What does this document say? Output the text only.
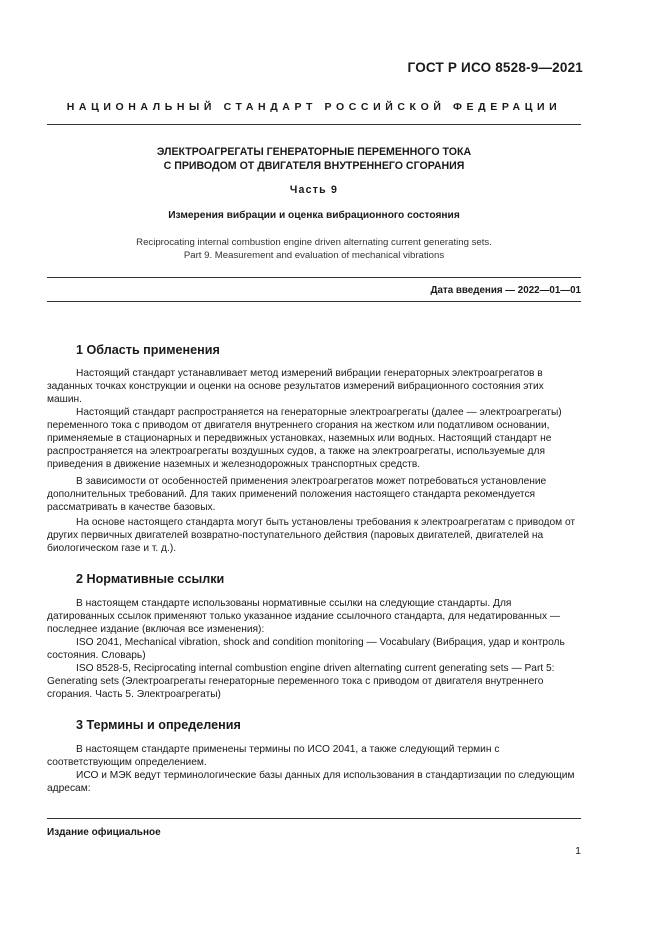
ГОСТ Р ИСО 8528-9—2021
НАЦИОНАЛЬНЫЙ СТАНДАРТ РОССИЙСКОЙ ФЕДЕРАЦИИ
ЭЛЕКТРОАГРЕГАТЫ ГЕНЕРАТОРНЫЕ ПЕРЕМЕННОГО ТОКА
С ПРИВОДОМ ОТ ДВИГАТЕЛЯ ВНУТРЕННЕГО СГОРАНИЯ
Часть 9
Измерения вибрации и оценка вибрационного состояния
Reciprocating internal combustion engine driven alternating current generating sets.
Part 9. Measurement and evaluation of mechanical vibrations
Дата введения — 2022—01—01
1 Область применения
Настоящий стандарт устанавливает метод измерений вибрации генераторных электроагрегатов в заданных точках конструкции и оценки на основе результатов измерений вибрационного состояния этих машин.
Настоящий стандарт распространяется на генераторные электроагрегаты (далее — электроагрегаты) переменного тока с приводом от двигателя внутреннего сгорания на жестком или податливом основании, применяемые в стационарных и передвижных установках, наземных или водных. Настоящий стандарт не распространяется на электроагрегаты воздушных судов, а также на электроагрегаты, используемые для приведения в движение наземных и железнодорожных транспортных средств.
В зависимости от особенностей применения электроагрегатов может потребоваться установление дополнительных требований. Для таких применений положения настоящего стандарта рекомендуется рассматривать в качестве базовых.
На основе настоящего стандарта могут быть установлены требования к электроагрегатам с приводом от других первичных двигателей возвратно-поступательного действия (паровых двигателей, двигателей на биологическом газе и т. д.).
2 Нормативные ссылки
В настоящем стандарте использованы нормативные ссылки на следующие стандарты. Для датированных ссылок применяют только указанное издание ссылочного стандарта, для недатированных — последнее издание (включая все изменения):
ISO 2041, Mechanical vibration, shock and condition monitoring — Vocabulary (Вибрация, удар и контроль состояния. Словарь)
ISO 8528-5, Reciprocating internal combustion engine driven alternating current generating sets — Part 5: Generating sets (Электроагрегаты генераторные переменного тока с приводом от двигателя внутреннего сгорания. Часть 5. Электроагрегаты)
3 Термины и определения
В настоящем стандарте применены термины по ИСО 2041, а также следующий термин с соответствующим определением.
ИСО и МЭК ведут терминологические базы данных для использования в стандартизации по следующим адресам:
Издание официальное
1
